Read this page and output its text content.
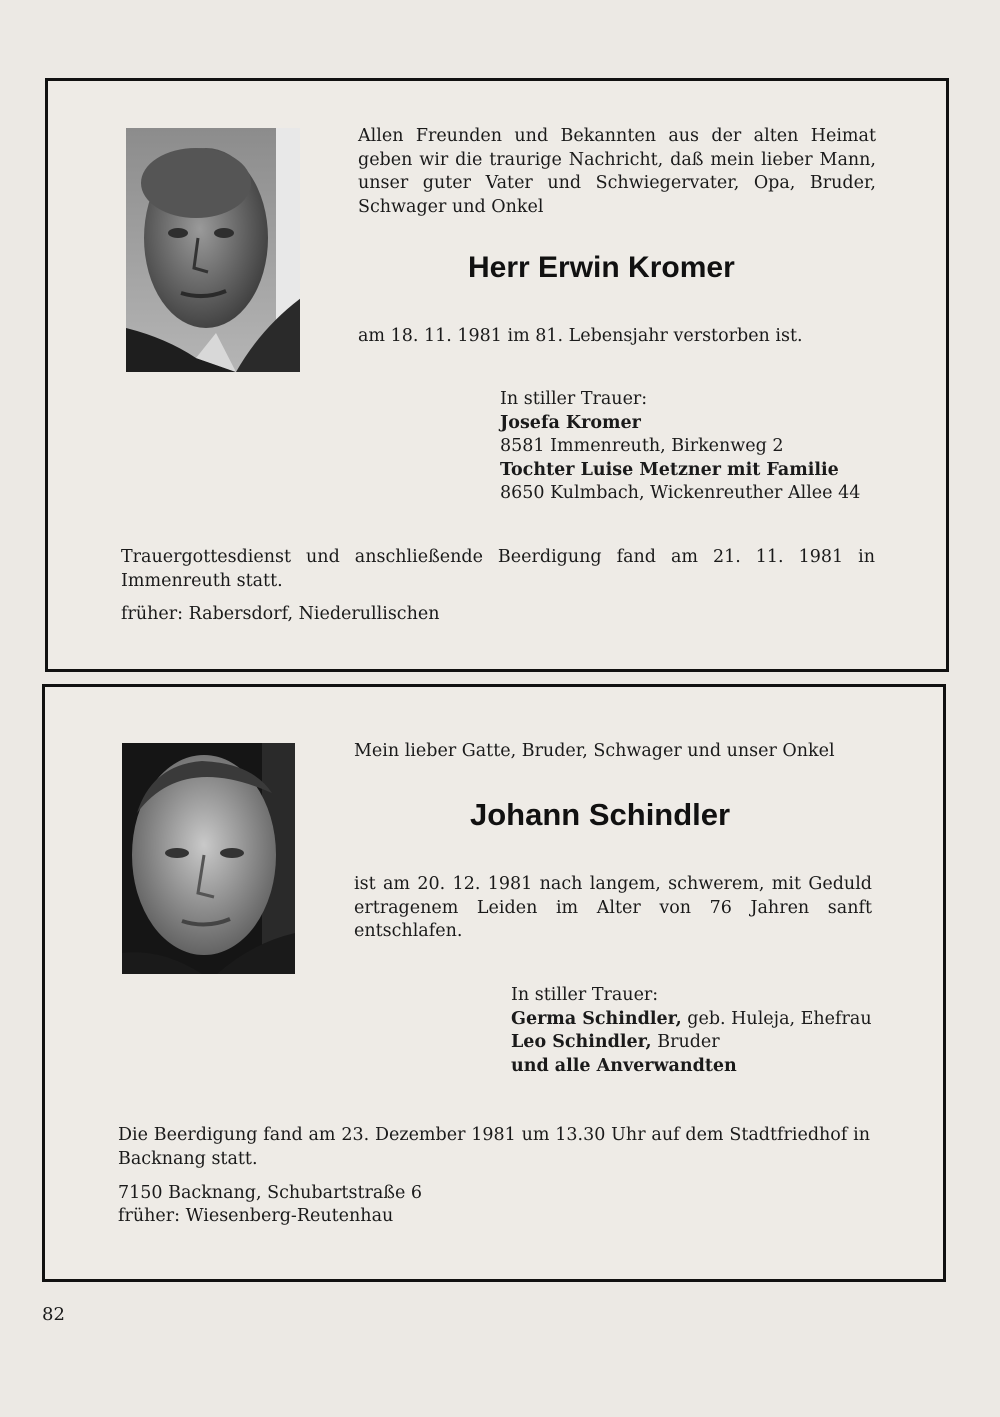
Allen Freunden und Bekannten aus der alten Heimat geben wir die traurige Nachricht, daß mein lieber Mann, unser guter Vater und Schwiegervater, Opa, Bruder, Schwager und Onkel

Herr Erwin Kromer

am 18. 11. 1981 im 81. Lebensjahr verstorben ist.

In stiller Trauer:
Josefa Kromer
8581 Immenreuth, Birkenweg 2
Tochter Luise Metzner mit Familie
8650 Kulmbach, Wickenreuther Allee 44

Trauergottesdienst und anschließende Beerdigung fand am 21. 11. 1981 in Immenreuth statt.

früher: Rabersdorf, Niederullischen

Mein lieber Gatte, Bruder, Schwager und unser Onkel

Johann Schindler

ist am 20. 12. 1981 nach langem, schwerem, mit Geduld ertragenem Leiden im Alter von 76 Jahren sanft entschlafen.

In stiller Trauer:
Germa Schindler, geb. Huleja, Ehefrau
Leo Schindler, Bruder
und alle Anverwandten

Die Beerdigung fand am 23. Dezember 1981 um 13.30 Uhr auf dem Stadtfriedhof in Backnang statt.

7150 Backnang, Schubartstraße 6

früher: Wiesenberg-Reutenhau

82
